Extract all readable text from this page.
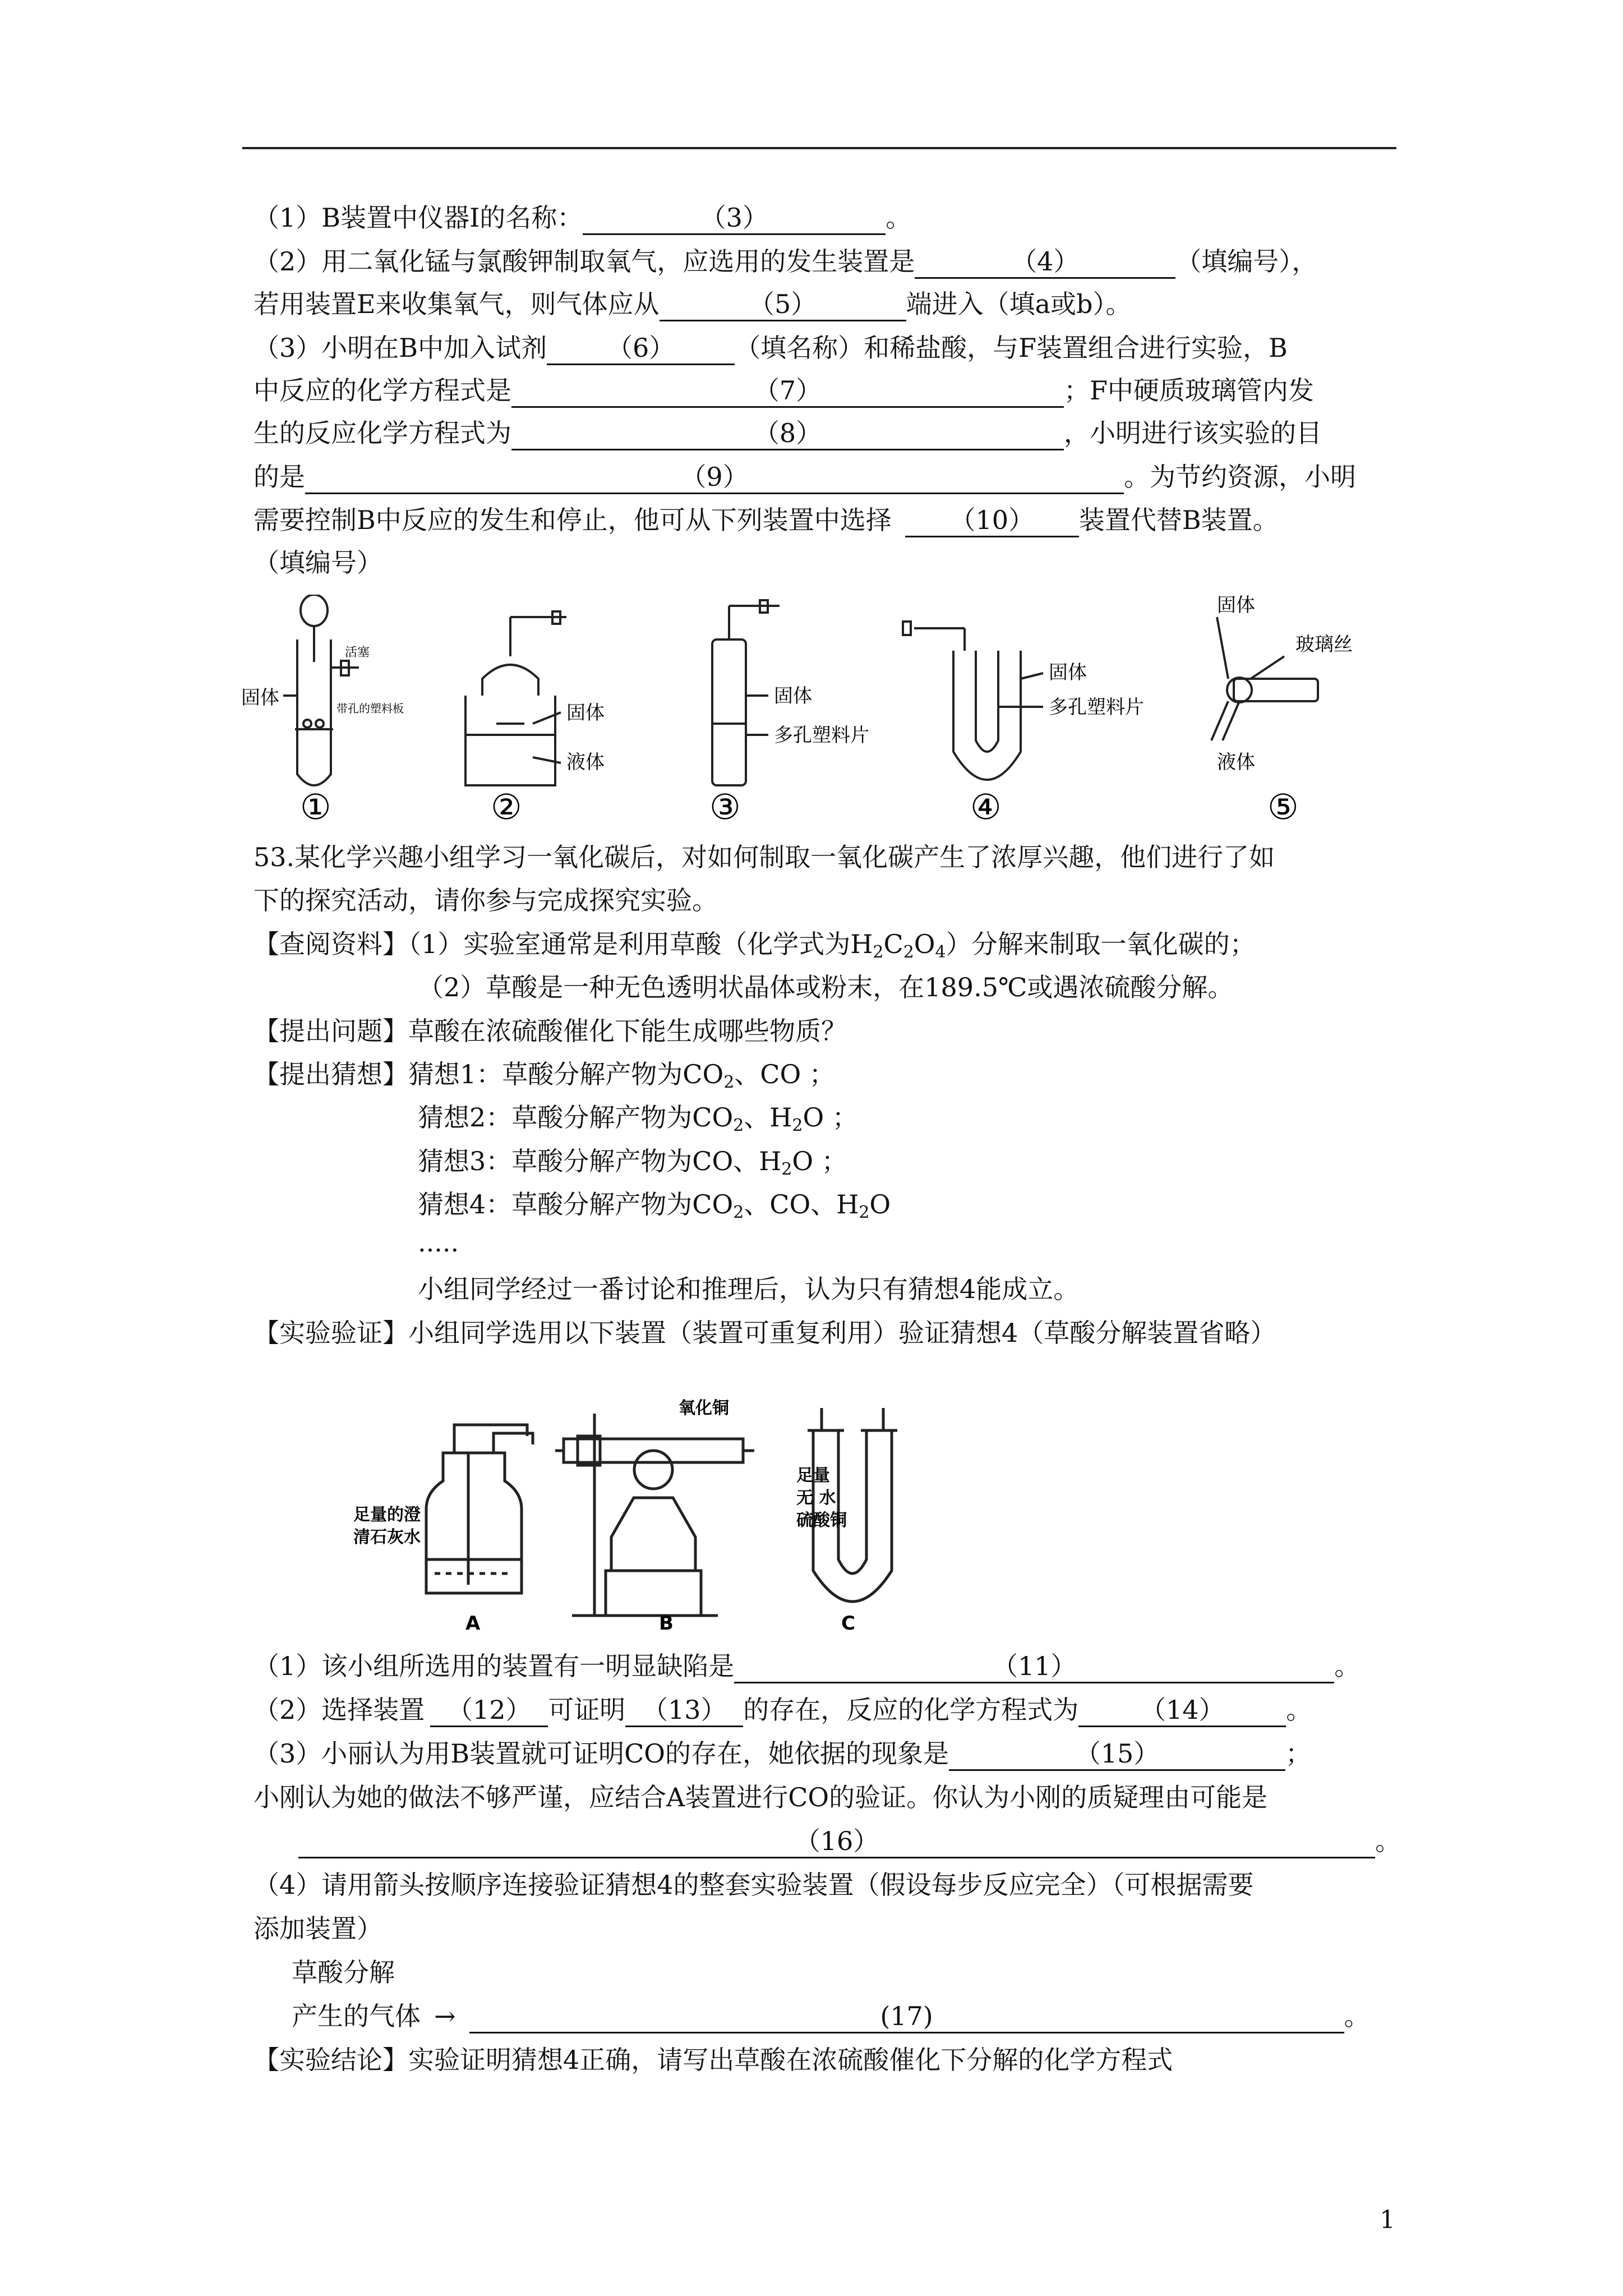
（1）B装置中仪器Ⅰ的名称：	（3）	。
（2）用二氧化锰与氯酸钾制取氧气，应选用的发生装置是	（4）	（填编号），
若用装置E来收集氧气，则气体应从	（5）	端进入（填a或b）。
（3）小明在B中加入试剂 （6） （填名称）和稀盐酸，与F装置组合进行实验，B
中反应的化学方程式是	（7）	；F中硬质玻璃管内发
生的反应化学方程式为	（8）	，小明进行该实验的目
的是	（9）	。为节约资源，小明
需要控制B中反应的发生和停止，他可从下列装置中选择 （10） 装置代替B装置。
（填编号）
固体
活塞
带孔的塑料板	固体
液体
固体
多孔塑料片
固体
多孔塑料片
固体
玻璃丝
液体
①	②	③	④	⑤
53.某化学兴趣小组学习一氧化碳后，对如何制取一氧化碳产生了浓厚兴趣，他们进行了如
下的探究活动，请你参与完成探究实验。
【查阅资料】（1）实验室通常是利用草酸（化学式为$H_2C_2O_4$）分解来制取一氧化碳的；
（2）草酸是一种无色透明状晶体或粉末，在189.5℃或遇浓硫酸分解。
【提出问题】草酸在浓硫酸催化下能生成哪些物质？
【提出猜想】猜想1：草酸分解产物为$CO_2$、CO ；
猜想2：草酸分解产物为$CO_2$、$H_2O$ ；
猜想3：草酸分解产物为CO、$H_2O$ ；
猜想4：草酸分解产物为$CO_2$、CO、$H_2O$
.....
小组同学经过一番讨论和推理后，认为只有猜想4能成立。
【实验验证】小组同学选用以下装置（装置可重复利用）验证猜想4（草酸分解装置省略）
足量的澄
清石灰水
氧化铜
足量
无 水
硫酸铜
A	B	C
（1）该小组所选用的装置有一明显缺陷是	（11）	。
（2）选择装置 （12） 可证明 （13） 的存在，反应的化学方程式为 （14） 。
（3）小丽认为用B装置就可证明CO的存在，她依据的现象是	（15）	；
小刚认为她的做法不够严谨，应结合A装置进行CO的验证。你认为小刚的质疑理由可能是
（16）	。
（4）请用箭头按顺序连接验证猜想4的整套实验装置（假设每步反应完全）（可根据需要
添加装置）
草酸分解
产生的气体 →	(17)	。
【实验结论】实验证明猜想4正确，请写出草酸在浓硫酸催化下分解的化学方程式
1
